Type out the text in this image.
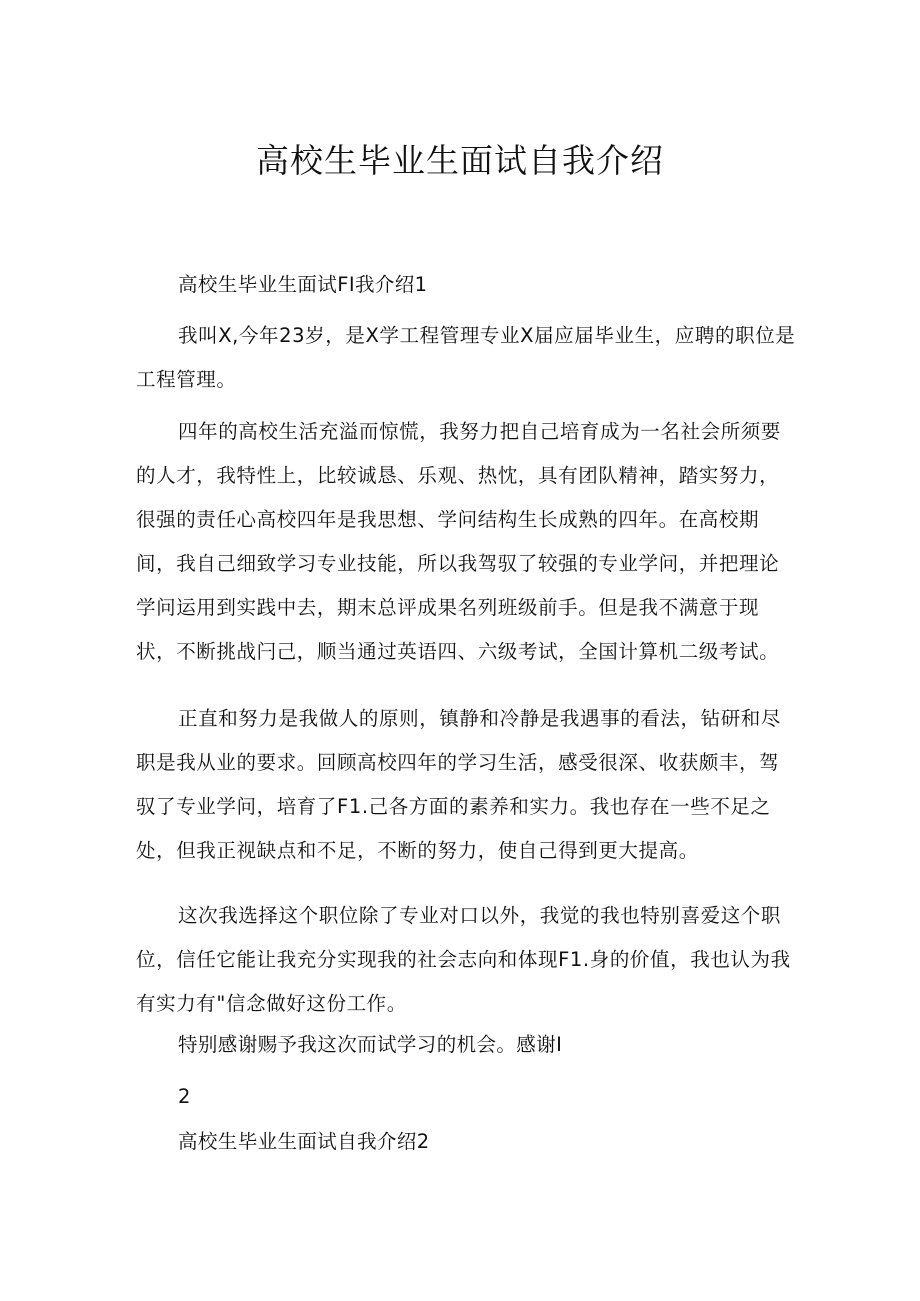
高校生毕业生面试自我介绍

高校生毕业生面试FI我介绍1

我叫X,今年23岁，是X学工程管理专业X届应届毕业生，应聘的职位是工程管理。

四年的高校生活充溢而惊慌，我努力把自己培育成为一名社会所须要的人才，我特性上，比较诚恳、乐观、热忱，具有团队精神，踏实努力，很强的责任心高校四年是我思想、学问结构生长成熟的四年。在高校期间，我自己细致学习专业技能，所以我驾驭了较强的专业学问，并把理论学问运用到实践中去，期末总评成果名列班级前手。但是我不满意于现状，不断挑战闩己，顺当通过英语四、六级考试，全国计算机二级考试。

正直和努力是我做人的原则，镇静和冷静是我遇事的看法，钻研和尽职是我从业的要求。回顾高校四年的学习生活，感受很深、收获颇丰，驾驭了专业学问，培育了F1.己各方面的素养和实力。我也存在一些不足之处，但我正视缺点和不足，不断的努力，使自己得到更大提高。

这次我选择这个职位除了专业对口以外，我觉的我也特别喜爱这个职位，信任它能让我充分实现我的社会志向和体现F1.身的价值，我也认为我有实力有"信念做好这份工作。

特别感谢赐予我这次而试学习的机会。感谢I

2

高校生毕业生面试自我介绍2
